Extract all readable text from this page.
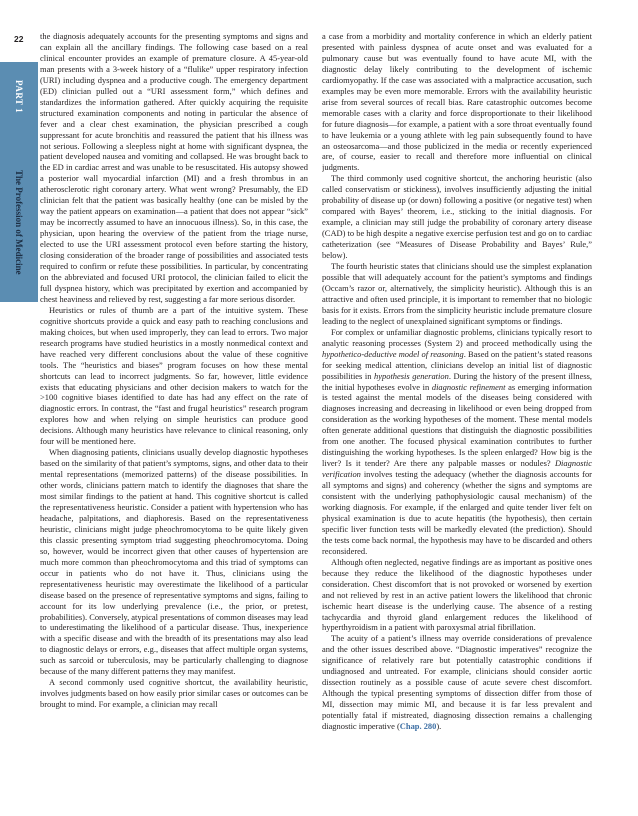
22
PART 1
The Profession of Medicine

the diagnosis adequately accounts for the presenting symptoms and signs and can explain all the ancillary findings. The following case based on a real clinical encounter provides an example of premature closure. A 45-year-old man presents with a 3-week history of a “flulike” upper respiratory infection (URI) including dyspnea and a productive cough. The emergency department (ED) clinician pulled out a “URI assessment form,” which defines and standardizes the information gathered. After quickly acquiring the requisite structured examination components and noting in particular the absence of fever and a clear chest examination, the physician prescribed a cough suppressant for acute bronchitis and reassured the patient that his illness was not serious. Following a sleepless night at home with significant dyspnea, the patient developed nausea and vomiting and collapsed. He was brought back to the ED in cardiac arrest and was unable to be resuscitated. His autopsy showed a posterior wall myocardial infarction (MI) and a fresh thrombus in an atherosclerotic right coronary artery. What went wrong? Presumably, the ED clinician felt that the patient was basically healthy (one can be misled by the way the patient appears on examination—a patient that does not appear “sick” may be incorrectly assumed to have an innocuous illness). So, in this case, the physician, upon hearing the overview of the patient from the triage nurse, elected to use the URI assessment protocol even before starting the history, closing consideration of the broader range of possibilities and associated tests required to confirm or refute these possibilities. In particular, by concentrating on the abbreviated and focused URI protocol, the clinician failed to elicit the full dyspnea history, which was precipitated by exertion and accompanied by chest heaviness and relieved by rest, suggesting a far more serious disorder.

Heuristics or rules of thumb are a part of the intuitive system. These cognitive shortcuts provide a quick and easy path to reaching conclusions and making choices, but when used improperly, they can lead to errors. Two major research programs have studied heuristics in a mostly nonmedical context and have reached very different conclusions about the value of these cognitive tools. The “heuristics and biases” program focuses on how these mental shortcuts can lead to incorrect judgments. So far, however, little evidence exists that educating physicians and other decision makers to watch for the >100 cognitive biases identified to date has had any effect on the rate of diagnostic errors. In contrast, the “fast and frugal heuristics” research program explores how and when relying on simple heuristics can produce good decisions. Although many heuristics have relevance to clinical reasoning, only four will be mentioned here.

When diagnosing patients, clinicians usually develop diagnostic hypotheses based on the similarity of that patient’s symptoms, signs, and other data to their mental representations (memorized patterns) of the disease possibilities. In other words, clinicians pattern match to identify the diagnoses that share the most similar findings to the patient at hand. This cognitive shortcut is called the representativeness heuristic. Consider a patient with hypertension who has headache, palpitations, and diaphoresis. Based on the representativeness heuristic, clinicians might judge pheochromocytoma to be quite likely given this classic presenting symptom triad suggesting pheochromocytoma. Doing so, however, would be incorrect given that other causes of hypertension are much more common than pheochromocytoma and this triad of symptoms can occur in patients who do not have it. Thus, clinicians using the representativeness heuristic may overestimate the likelihood of a particular disease based on the presence of representative symptoms and signs, failing to account for its low underlying prevalence (i.e., the prior, or pretest, probabilities). Conversely, atypical presentations of common diseases may lead to underestimating the likelihood of a particular disease. Thus, inexperience with a specific disease and with the breadth of its presentations may also lead to diagnostic delays or errors, e.g., diseases that affect multiple organ systems, such as sarcoid or tuberculosis, may be particularly challenging to diagnose because of the many different patterns they may manifest.

A second commonly used cognitive shortcut, the availability heuristic, involves judgments based on how easily prior similar cases or outcomes can be brought to mind. For example, a clinician may recall

a case from a morbidity and mortality conference in which an elderly patient presented with painless dyspnea of acute onset and was evaluated for a pulmonary cause but was eventually found to have acute MI, with the diagnostic delay likely contributing to the development of ischemic cardiomyopathy. If the case was associated with a malpractice accusation, such examples may be even more memorable. Errors with the availability heuristic arise from several sources of recall bias. Rare catastrophic outcomes become memorable cases with a clarity and force disproportionate to their likelihood for future diagnosis—for example, a patient with a sore throat eventually found to have leukemia or a young athlete with leg pain subsequently found to have an osteosarcoma—and those publicized in the media or recently experienced are, of course, easier to recall and therefore more influential on clinical judgments.

The third commonly used cognitive shortcut, the anchoring heuristic (also called conservatism or stickiness), involves insufficiently adjusting the initial probability of disease up (or down) following a positive (or negative test) when compared with Bayes’ theorem, i.e., sticking to the initial diagnosis. For example, a clinician may still judge the probability of coronary artery disease (CAD) to be high despite a negative exercise perfusion test and go on to cardiac catheterization (see “Measures of Disease Probability and Bayes’ Rule,” below).

The fourth heuristic states that clinicians should use the simplest explanation possible that will adequately account for the patient’s symptoms and findings (Occam’s razor or, alternatively, the simplicity heuristic). Although this is an attractive and often used principle, it is important to remember that no biologic basis for it exists. Errors from the simplicity heuristic include premature closure leading to the neglect of unexplained significant symptoms or findings.

For complex or unfamiliar diagnostic problems, clinicians typically resort to analytic reasoning processes (System 2) and proceed methodically using the hypothetico-deductive model of reasoning. Based on the patient’s stated reasons for seeking medical attention, clinicians develop an initial list of diagnostic possibilities in hypothesis generation. During the history of the present illness, the initial hypotheses evolve in diagnostic refinement as emerging information is tested against the mental models of the diseases being considered with diagnoses increasing and decreasing in likelihood or even being dropped from consideration as the working hypotheses of the moment. These mental models often generate additional questions that distinguish the diagnostic possibilities from one another. The focused physical examination contributes to further distinguishing the working hypotheses. Is the spleen enlarged? How big is the liver? Is it tender? Are there any palpable masses or nodules? Diagnostic verification involves testing the adequacy (whether the diagnosis accounts for all symptoms and signs) and coherency (whether the signs and symptoms are consistent with the underlying pathophysiologic causal mechanism) of the working diagnosis. For example, if the enlarged and quite tender liver felt on physical examination is due to acute hepatitis (the hypothesis), then certain specific liver function tests will be markedly elevated (the prediction). Should the tests come back normal, the hypothesis may have to be discarded and others reconsidered.

Although often neglected, negative findings are as important as positive ones because they reduce the likelihood of the diagnostic hypotheses under consideration. Chest discomfort that is not provoked or worsened by exertion and not relieved by rest in an active patient lowers the likelihood that chronic ischemic heart disease is the underlying cause. The absence of a resting tachycardia and thyroid gland enlargement reduces the likelihood of hyperthyroidism in a patient with paroxysmal atrial fibrillation.

The acuity of a patient’s illness may override considerations of prevalence and the other issues described above. “Diagnostic imperatives” recognize the significance of relatively rare but potentially catastrophic conditions if undiagnosed and untreated. For example, clinicians should consider aortic dissection routinely as a possible cause of acute severe chest discomfort. Although the typical presenting symptoms of dissection differ from those of MI, dissection may mimic MI, and because it is far less prevalent and potentially fatal if mistreated, diagnosing dissection remains a challenging diagnostic imperative (Chap. 280).
